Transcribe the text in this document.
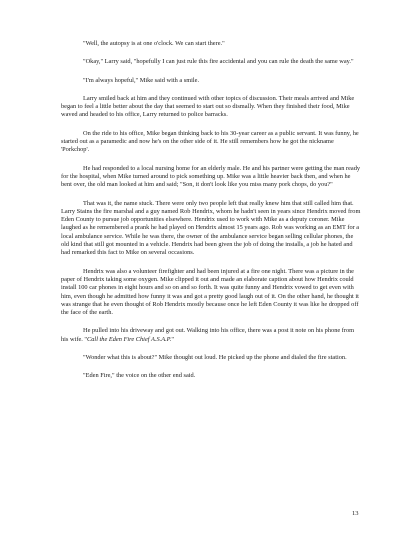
"Well, the autopsy is at one o'clock. We can start there."

"Okay," Larry said, "hopefully I can just rule this fire accidental and you can rule the death the same way."

"I'm always hopeful," Mike said with a smile.

Larry smiled back at him and they continued with other topics of discussion. Their meals arrived and Mike began to feel a little better about the day that seemed to start out so dismally. When they finished their food, Mike waved and headed to his office, Larry returned to police barracks.

On the ride to his office, Mike began thinking back to his 30-year career as a public servant. It was funny, he started out as a paramedic and now he's on the other side of it. He still remembers how he got the nickname 'Porkchop'.

He had responded to a local nursing home for an elderly male. He and his partner were getting the man ready for the hospital, when Mike turned around to pick something up. Mike was a little heavier back then, and when he bent over, the old man looked at him and said; "Son, it don't look like you miss many pork chops, do you?"

That was it, the name stuck. There were only two people left that really knew him that still called him that. Larry Stains the fire marshal and a guy named Rob Hendrix, whom he hadn't seen in years since Hendrix moved from Eden County to pursue job opportunities elsewhere. Hendrix used to work with Mike as a deputy coroner. Mike laughed as he remembered a prank he had played on Hendrix almost 15 years ago. Rob was working as an EMT for a local ambulance service. While he was there, the owner of the ambulance service began selling cellular phones, the old kind that still got mounted in a vehicle. Hendrix had been given the job of doing the installs, a job he hated and had remarked this fact to Mike on several occasions.

Hendrix was also a volunteer firefighter and had been injured at a fire one night. There was a picture in the paper of Hendrix taking some oxygen. Mike clipped it out and made an elaborate caption about how Hendrix could install 100 car phones in eight hours and so on and so forth. It was quite funny and Hendrix vowed to get even with him, even though he admitted how funny it was and got a pretty good laugh out of it. On the other hand, he thought it was strange that he even thought of Rob Hendrix mostly because once he left Eden County it was like he dropped off the face of the earth.

He pulled into his driveway and got out. Walking into his office, there was a post it note on his phone from his wife. "Call the Eden Fire Chief A.S.A.P."

"Wonder what this is about?" Mike thought out loud. He picked up the phone and dialed the fire station.

"Eden Fire," the voice on the other end said.

13
